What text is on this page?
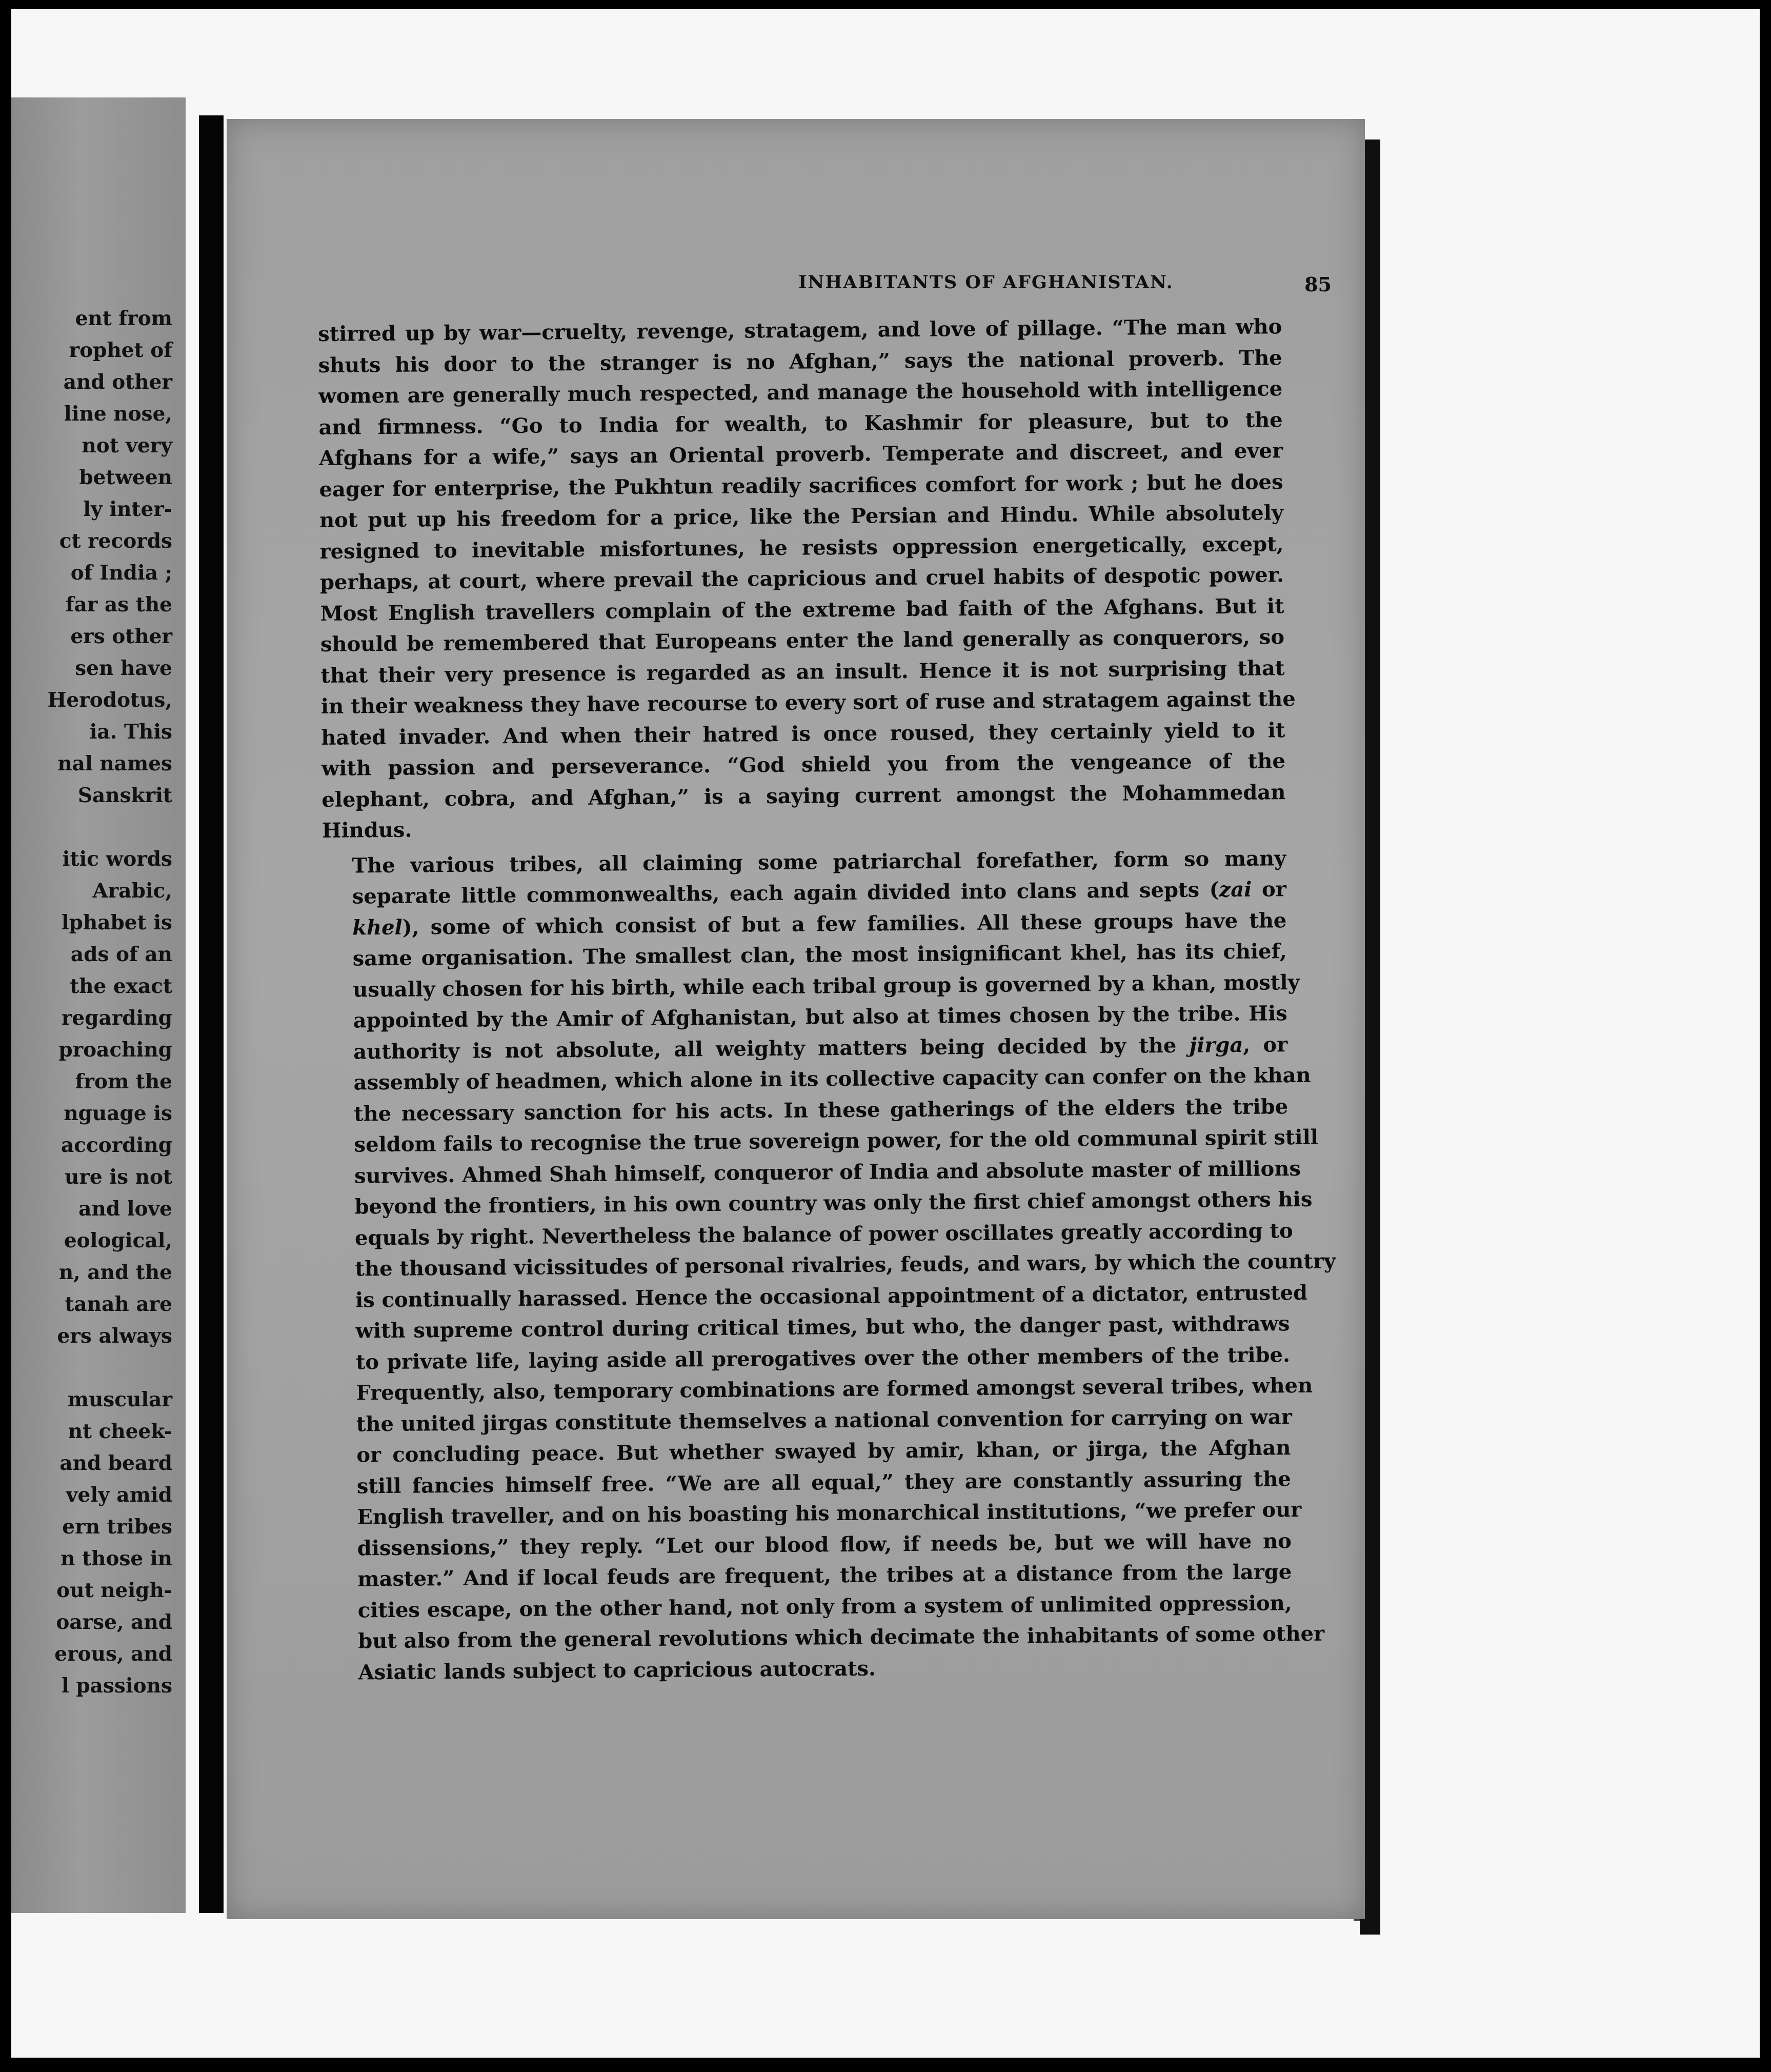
ent from
rophet of
and other
line nose,
not very
between
ly inter-
ct records
of India ;
far as the
ers other
sen have
Herodotus,
ia. This
nal names
Sanskrit
itic words
Arabic,
lphabet is
ads of an
the exact
regarding
proaching
from the
nguage is
according
ure is not
and love
eological,
n, and the
tanah are
ers always
muscular
nt cheek-
and beard
vely amid
ern tribes
n those in
out neigh-
oarse, and
erous, and
l passions
INHABITANTS OF AFGHANISTAN.	85

stirred up by war—cruelty, revenge, stratagem, and love of pillage. “The man who
shuts his door to the stranger is no Afghan,” says the national proverb. The
women are generally much respected, and manage the household with intelligence
and firmness. “Go to India for wealth, to Kashmir for pleasure, but to the
Afghans for a wife,” says an Oriental proverb. Temperate and discreet, and ever
eager for enterprise, the Pukhtun readily sacrifices comfort for work ; but he does
not put up his freedom for a price, like the Persian and Hindu. While absolutely
resigned to inevitable misfortunes, he resists oppression energetically, except,
perhaps, at court, where prevail the capricious and cruel habits of despotic power.
Most English travellers complain of the extreme bad faith of the Afghans. But it
should be remembered that Europeans enter the land generally as conquerors, so
that their very presence is regarded as an insult. Hence it is not surprising that
in their weakness they have recourse to every sort of ruse and stratagem against the
hated invader. And when their hatred is once roused, they certainly yield to it
with passion and perseverance. “God shield you from the vengeance of the
elephant, cobra, and Afghan,” is a saying current amongst the Mohammedan
Hindus.

The various tribes, all claiming some patriarchal forefather, form so many
separate little commonwealths, each again divided into clans and septs (zai or
khel), some of which consist of but a few families. All these groups have the
same organisation. The smallest clan, the most insignificant khel, has its chief,
usually chosen for his birth, while each tribal group is governed by a khan, mostly
appointed by the Amir of Afghanistan, but also at times chosen by the tribe. His
authority is not absolute, all weighty matters being decided by the jirga, or
assembly of headmen, which alone in its collective capacity can confer on the khan
the necessary sanction for his acts. In these gatherings of the elders the tribe
seldom fails to recognise the true sovereign power, for the old communal spirit still
survives. Ahmed Shah himself, conqueror of India and absolute master of millions
beyond the frontiers, in his own country was only the first chief amongst others his
equals by right. Nevertheless the balance of power oscillates greatly according to
the thousand vicissitudes of personal rivalries, feuds, and wars, by which the country
is continually harassed. Hence the occasional appointment of a dictator, entrusted
with supreme control during critical times, but who, the danger past, withdraws
to private life, laying aside all prerogatives over the other members of the tribe.
Frequently, also, temporary combinations are formed amongst several tribes, when
the united jirgas constitute themselves a national convention for carrying on war
or concluding peace. But whether swayed by amir, khan, or jirga, the Afghan
still fancies himself free. “We are all equal,” they are constantly assuring the
English traveller, and on his boasting his monarchical institutions, “we prefer our
dissensions,” they reply. “Let our blood flow, if needs be, but we will have no
master.” And if local feuds are frequent, the tribes at a distance from the large
cities escape, on the other hand, not only from a system of unlimited oppression,
but also from the general revolutions which decimate the inhabitants of some other
Asiatic lands subject to capricious autocrats.
